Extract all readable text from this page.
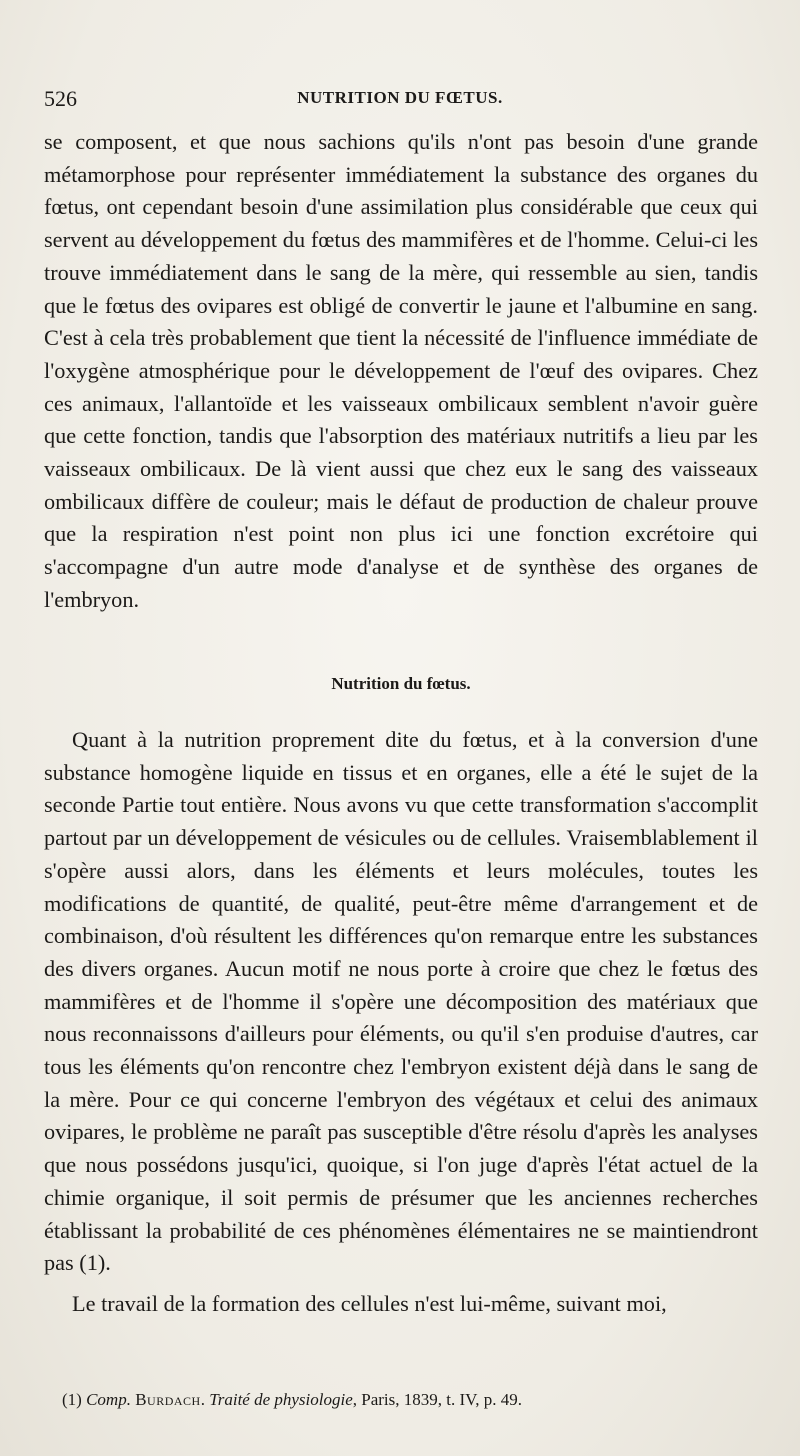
526	NUTRITION DU FŒTUS.

se composent, et que nous sachions qu'ils n'ont pas besoin d'une grande métamorphose pour représenter immédiatement la substance des organes du fœtus, ont cependant besoin d'une assimilation plus considérable que ceux qui servent au développement du fœtus des mammifères et de l'homme. Celui-ci les trouve immédiatement dans le sang de la mère, qui ressemble au sien, tandis que le fœtus des ovipares est obligé de convertir le jaune et l'albumine en sang. C'est à cela très probablement que tient la nécessité de l'influence immédiate de l'oxygène atmosphérique pour le développement de l'œuf des ovipares. Chez ces animaux, l'allantoïde et les vaisseaux ombilicaux semblent n'avoir guère que cette fonction, tandis que l'absorption des matériaux nutritifs a lieu par les vaisseaux ombilicaux. De là vient aussi que chez eux le sang des vaisseaux ombilicaux diffère de couleur; mais le défaut de production de chaleur prouve que la respiration n'est point non plus ici une fonction excrétoire qui s'accompagne d'un autre mode d'analyse et de synthèse des organes de l'embryon.

Nutrition du fœtus.

Quant à la nutrition proprement dite du fœtus, et à la conversion d'une substance homogène liquide en tissus et en organes, elle a été le sujet de la seconde Partie tout entière. Nous avons vu que cette transformation s'accomplit partout par un développement de vésicules ou de cellules. Vraisemblablement il s'opère aussi alors, dans les éléments et leurs molécules, toutes les modifications de quantité, de qualité, peut-être même d'arrangement et de combinaison, d'où résultent les différences qu'on remarque entre les substances des divers organes. Aucun motif ne nous porte à croire que chez le fœtus des mammifères et de l'homme il s'opère une décomposition des matériaux que nous reconnaissons d'ailleurs pour éléments, ou qu'il s'en produise d'autres, car tous les éléments qu'on rencontre chez l'embryon existent déjà dans le sang de la mère. Pour ce qui concerne l'embryon des végétaux et celui des animaux ovipares, le problème ne paraît pas susceptible d'être résolu d'après les analyses que nous possédons jusqu'ici, quoique, si l'on juge d'après l'état actuel de la chimie organique, il soit permis de présumer que les anciennes recherches établissant la probabilité de ces phénomènes élémentaires ne se maintiendront pas (1).

Le travail de la formation des cellules n'est lui-même, suivant moi,

(1) Comp. Burdach. Traité de physiologie, Paris, 1839, t. IV, p. 49.
